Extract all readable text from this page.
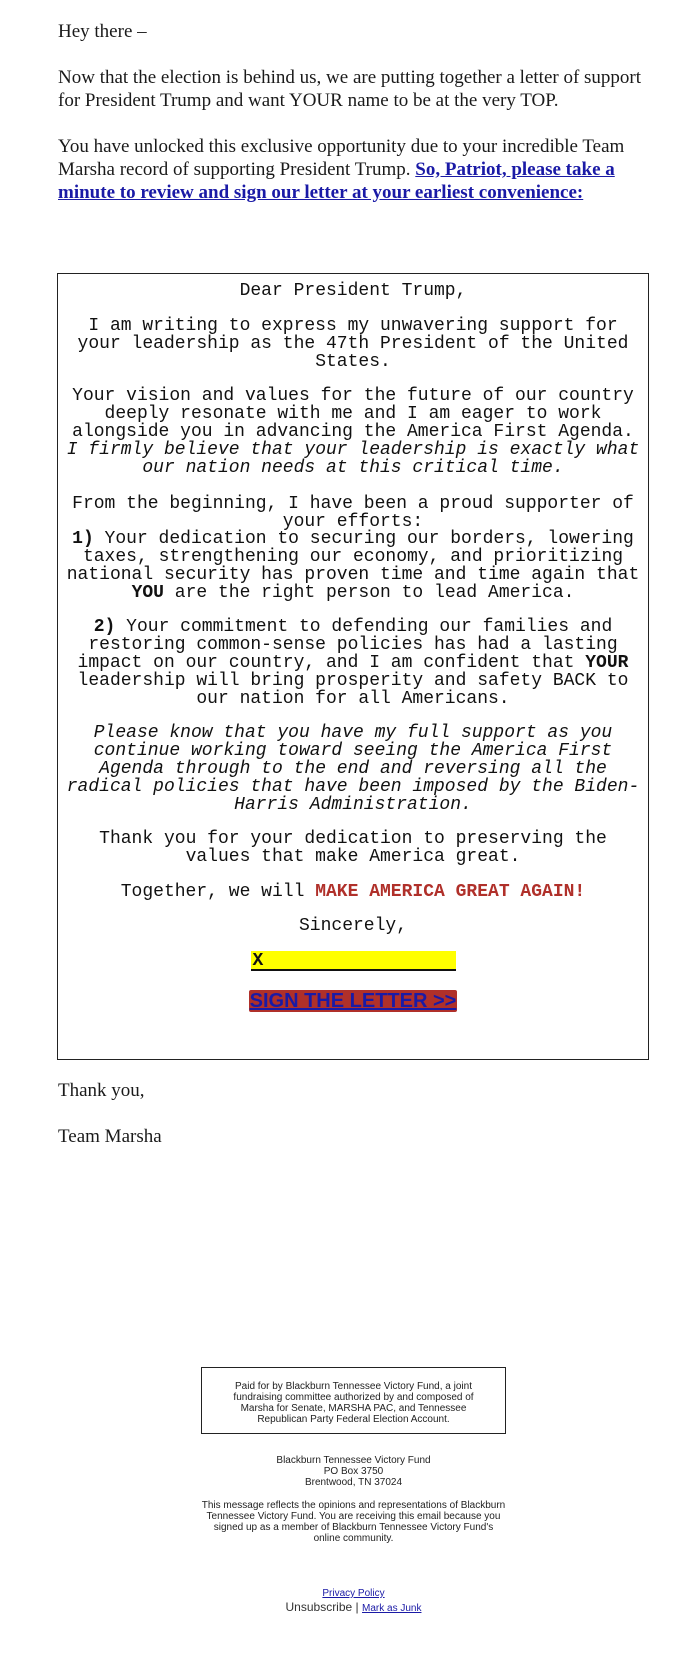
Hey there –

Now that the election is behind us, we are putting together a letter of support for President Trump and want YOUR name to be at the very TOP.

You have unlocked this exclusive opportunity due to your incredible Team Marsha record of supporting President Trump. So, Patriot, please take a minute to review and sign our letter at your earliest convenience:

Dear President Trump,

I am writing to express my unwavering support for your leadership as the 47th President of the United States.

Your vision and values for the future of our country deeply resonate with me and I am eager to work alongside you in advancing the America First Agenda.
I firmly believe that your leadership is exactly what our nation needs at this critical time.

From the beginning, I have been a proud supporter of your efforts:

1) Your dedication to securing our borders, lowering taxes, strengthening our economy, and prioritizing national security has proven time and time again that YOU are the right person to lead America.

2) Your commitment to defending our families and restoring common-sense policies has had a lasting impact on our country, and I am confident that YOUR leadership will bring prosperity and safety BACK to our nation for all Americans.

Please know that you have my full support as you continue working toward seeing the America First Agenda through to the end and reversing all the radical policies that have been imposed by the Biden-Harris Administration.

Thank you for your dedication to preserving the values that make America great.

Together, we will MAKE AMERICA GREAT AGAIN!

Sincerely,

X
SIGN THE LETTER >>

Thank you,

Team Marsha

Paid for by Blackburn Tennessee Victory Fund, a joint fundraising committee authorized by and composed of Marsha for Senate, MARSHA PAC, and Tennessee Republican Party Federal Election Account.
Blackburn Tennessee Victory Fund
PO Box 3750
Brentwood, TN 37024
This message reflects the opinions and representations of Blackburn Tennessee Victory Fund. You are receiving this email because you signed up as a member of Blackburn Tennessee Victory Fund's online community.
Privacy Policy
Unsubscribe | Mark as Junk
